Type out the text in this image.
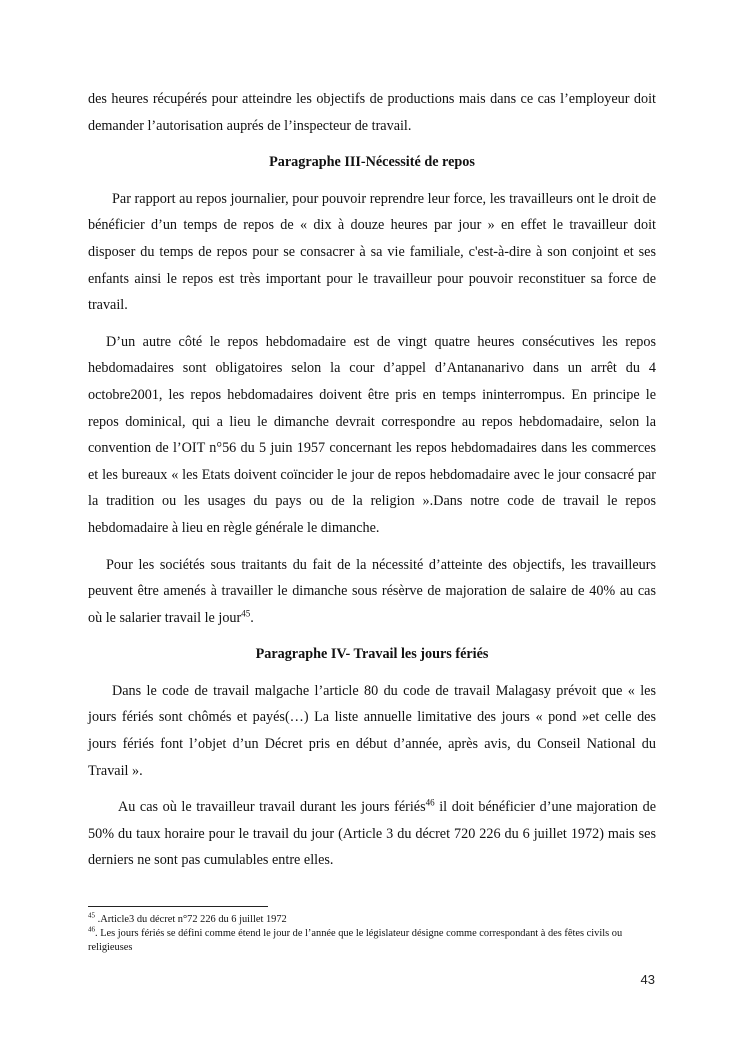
des heures récupérés pour atteindre les objectifs de productions mais dans ce cas l’employeur doit demander l’autorisation auprés de l’inspecteur de travail.

Paragraphe III-Nécessité de repos

Par rapport au repos journalier, pour pouvoir reprendre leur force, les travailleurs ont le droit de bénéficier d’un temps de repos de « dix à douze heures par jour » en effet le travailleur doit disposer du temps de repos pour se consacrer à sa vie familiale, c'est-à-dire à son conjoint et ses enfants ainsi le repos est très important pour le travailleur pour pouvoir reconstituer sa force de travail.

D’un autre côté le repos hebdomadaire est de vingt quatre heures consécutives les repos hebdomadaires sont obligatoires selon la cour d’appel d’Antananarivo dans un arrêt du 4 octobre2001, les repos hebdomadaires doivent être pris en temps ininterrompus. En principe le repos dominical, qui a lieu le dimanche devrait correspondre au repos hebdomadaire, selon la convention de l’OIT n°56 du 5 juin 1957 concernant les repos hebdomadaires dans les commerces et les bureaux « les Etats doivent coïncider le jour de repos hebdomadaire avec le jour consacré par la tradition ou les usages du pays ou de la religion ».Dans notre code de travail le repos hebdomadaire à lieu en règle générale le dimanche.

Pour les sociétés sous traitants du fait de la nécessité d’atteinte des objectifs, les travailleurs peuvent être amenés à travailler le dimanche sous résèrve de majoration de salaire de 40% au cas où le salarier travail le jour$^{45}$.

Paragraphe IV- Travail les jours fériés

Dans le code de travail malgache l’article 80 du code de travail Malagasy prévoit que « les jours fériés sont chômés et payés(…) La liste annuelle limitative des jours « pond »et celle des jours fériés font l’objet d’un Décret pris en début d’année, après avis, du Conseil National du Travail ».

Au cas où le travailleur travail durant les jours fériés$^{46}$ il doit bénéficier d’une majoration de 50% du taux horaire pour le travail du jour (Article 3 du décret 720 226 du 6 juillet 1972) mais ses derniers ne sont pas cumulables entre elles.

$^{45}$ .Article3 du décret n°72 226 du 6 juillet 1972

$^{46}$. Les jours fériés se défini comme étend le jour de l’année que le législateur désigne comme correspondant à des fêtes civils ou religieuses

43
